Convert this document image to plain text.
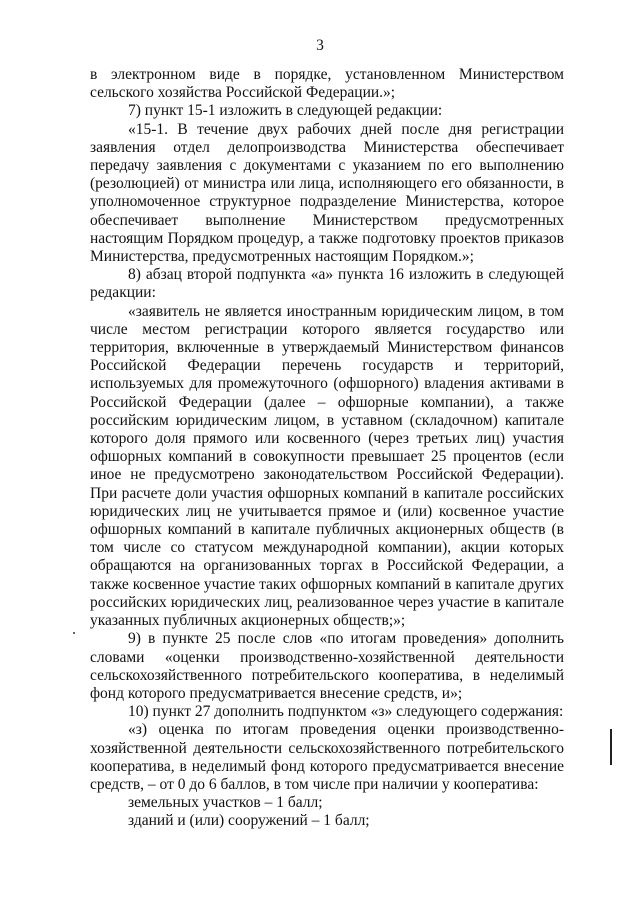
3

в электронном виде в порядке, установленном Министерством сельского хозяйства Российской Федерации.»;

7) пункт 15-1 изложить в следующей редакции:

«15-1. В течение двух рабочих дней после дня регистрации заявления отдел делопроизводства Министерства обеспечивает передачу заявления с документами с указанием по его выполнению (резолюцией) от министра или лица, исполняющего его обязанности, в уполномоченное структурное подразделение Министерства, которое обеспечивает выполнение Министерством предусмотренных настоящим Порядком процедур, а также подготовку проектов приказов Министерства, предусмотренных настоящим Порядком.»;

8) абзац второй подпункта «а» пункта 16 изложить в следующей редакции:

«заявитель не является иностранным юридическим лицом, в том числе местом регистрации которого является государство или территория, включенные в утверждаемый Министерством финансов Российской Федерации перечень государств и территорий, используемых для промежуточного (офшорного) владения активами в Российской Федерации (далее – офшорные компании), а также российским юридическим лицом, в уставном (складочном) капитале которого доля прямого или косвенного (через третьих лиц) участия офшорных компаний в совокупности превышает 25 процентов (если иное не предусмотрено законодательством Российской Федерации). При расчете доли участия офшорных компаний в капитале российских юридических лиц не учитывается прямое и (или) косвенное участие офшорных компаний в капитале публичных акционерных обществ (в том числе со статусом международной компании), акции которых обращаются на организованных торгах в Российской Федерации, а также косвенное участие таких офшорных компаний в капитале других российских юридических лиц, реализованное через участие в капитале указанных публичных акционерных обществ;»;

9) в пункте 25 после слов «по итогам проведения» дополнить словами «оценки производственно-хозяйственной деятельности сельскохозяйственного потребительского кооператива, в неделимый фонд которого предусматривается внесение средств, и»;

10) пункт 27 дополнить подпунктом «з» следующего содержания:

«з) оценка по итогам проведения оценки производственно-хозяйственной деятельности сельскохозяйственного потребительского кооператива, в неделимый фонд которого предусматривается внесение средств, – от 0 до 6 баллов, в том числе при наличии у кооператива:

земельных участков – 1 балл;

зданий и (или) сооружений – 1 балл;
